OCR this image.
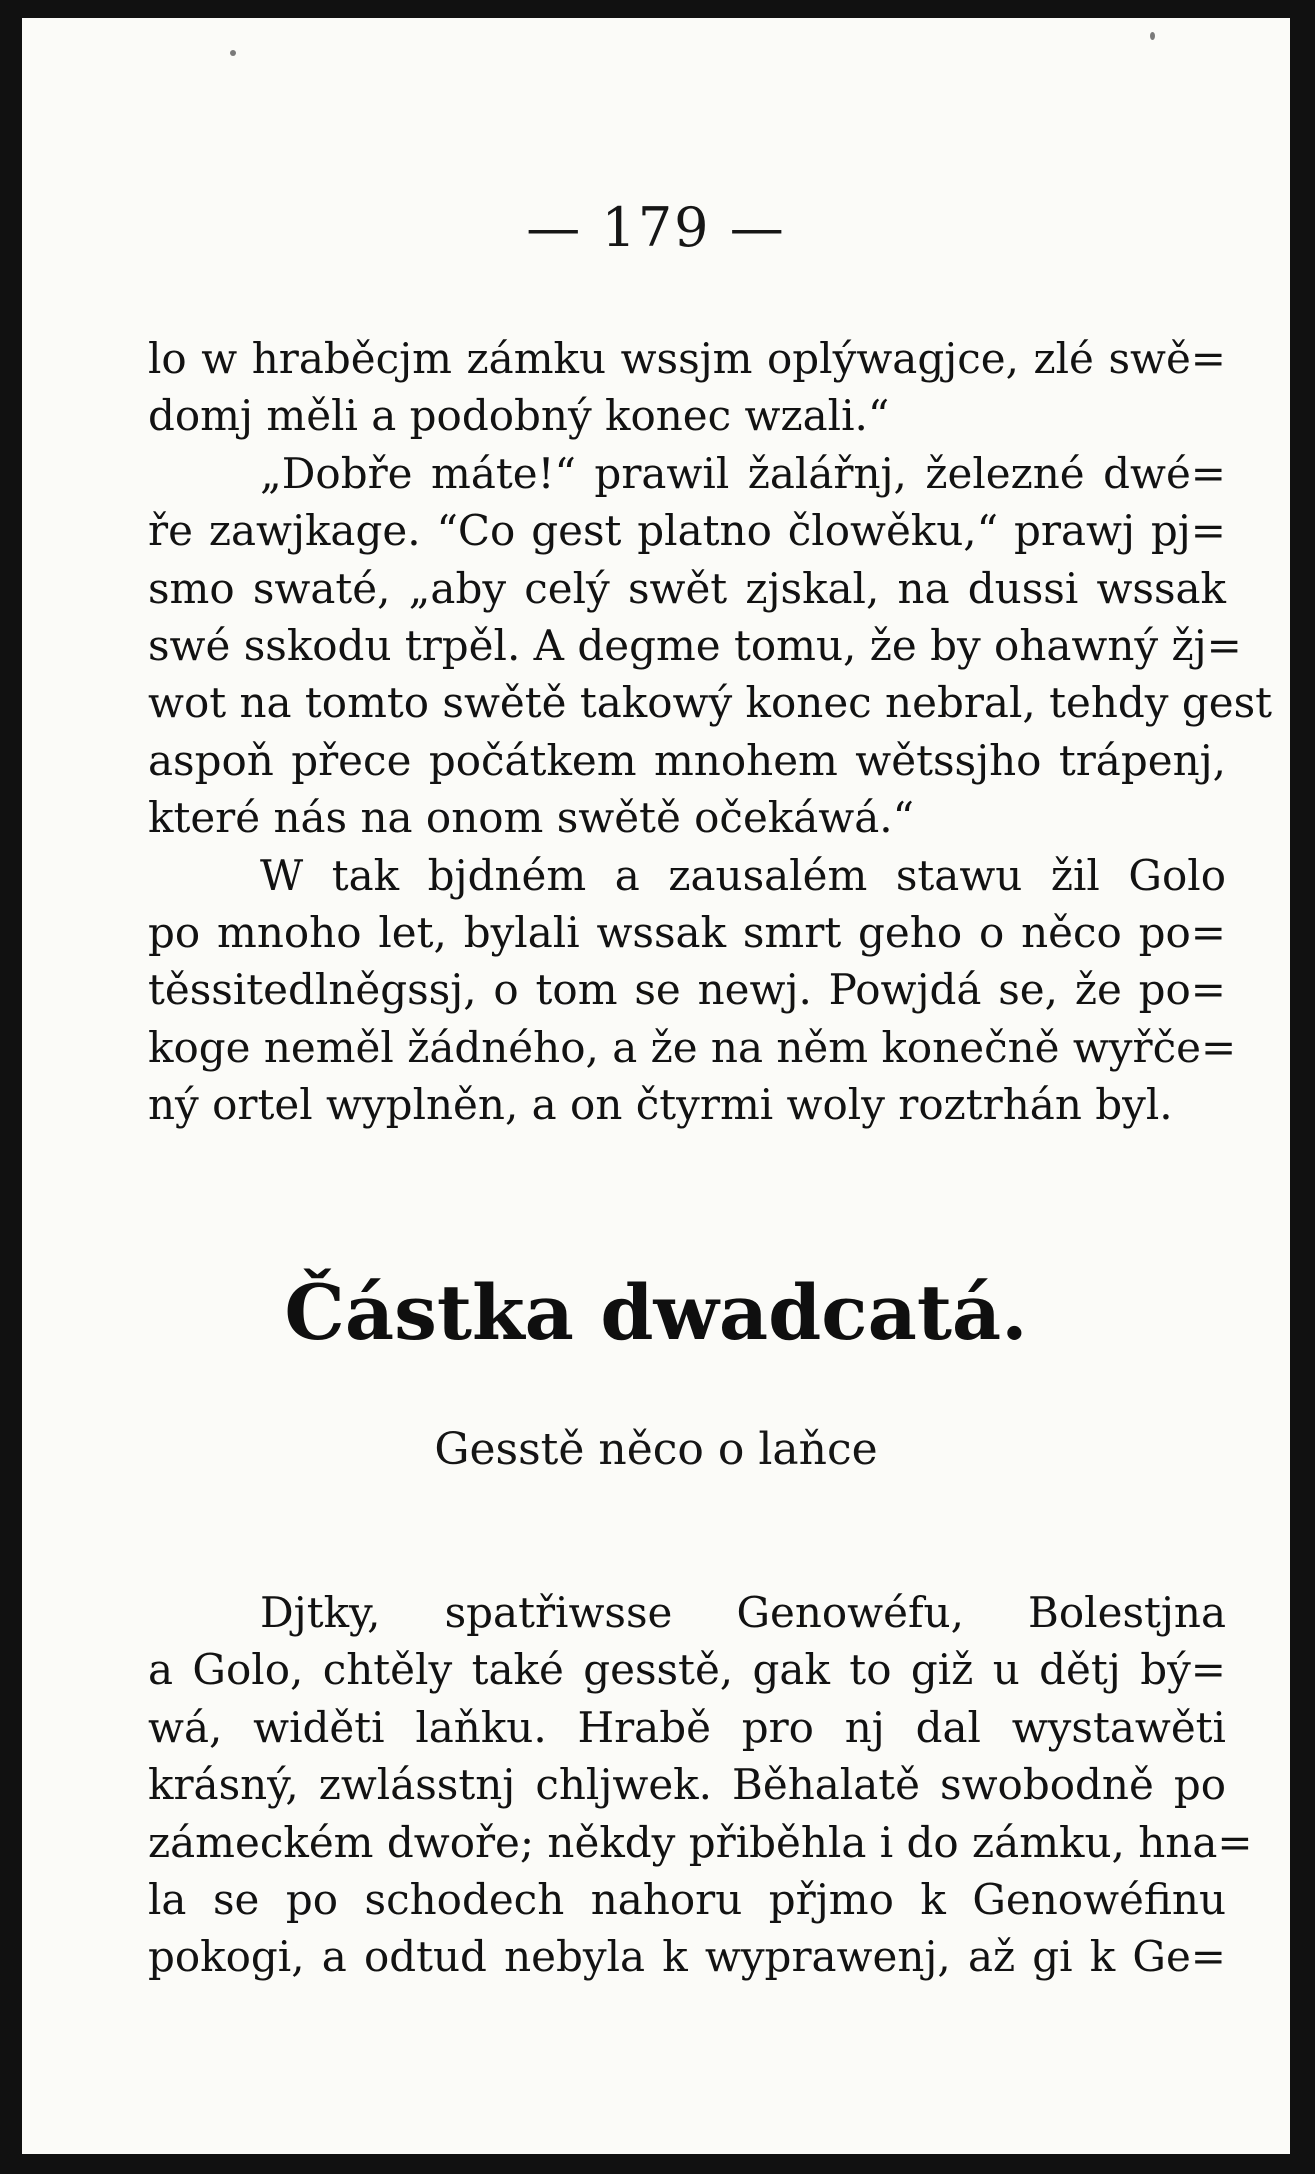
— 179 —
lo w hraběcjm zámku wssjm oplýwagjce, zlé swě=
domj měli a podobný konec wzali.“
„Dobře máte!“ prawil žalářnj, železné dwé=
ře zawjkage. “Co gest platno člowěku,“ prawj pj=
smo swaté, „aby celý swět zjskal, na dussi wssak
swé sskodu trpěl. A degme tomu, že by ohawný žj=
wot na tomto swětě takowý konec nebral, tehdy gest
aspoň přece počátkem mnohem wětssjho trápenj,
které nás na onom swětě očekáwá.“
W tak bjdném a zausalém stawu žil Golo
po mnoho let, bylali wssak smrt geho o něco po=
těssitedlněgssj, o tom se newj. Powjdá se, že po=
koge neměl žádného, a že na něm konečně wyřče=
ný ortel wyplněn, a on čtyrmi woly roztrhán byl.
Částka dwadcatá.
Gesstě něco o laňce
Djtky, spatřiwsse Genowéfu, Bolestjna
a Golo, chtěly také gesstě, gak to giž u dětj bý=
wá, widěti laňku. Hrabě pro nj dal wystawěti
krásný, zwlásstnj chljwek. Běhalatě swobodně po
zámeckém dwoře; někdy přiběhla i do zámku, hna=
la se po schodech nahoru přjmo k Genowéfinu
pokogi, a odtud nebyla k wyprawenj, až gi k Ge=
